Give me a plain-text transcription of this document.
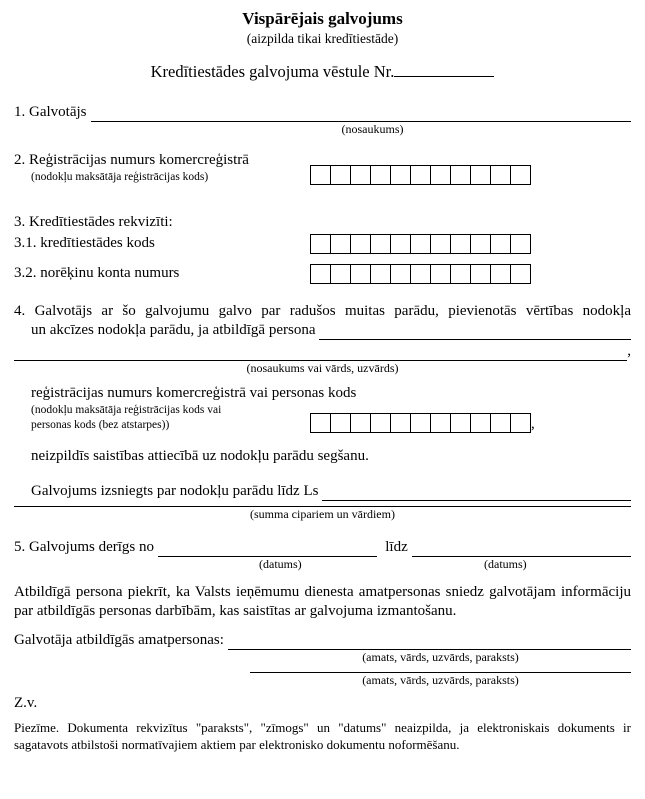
Vispārējais galvojums
(aizpilda tikai kredītiestāde)
Kredītiestādes galvojuma vēstule Nr.
1. Galvotājs
(nosaukums)
2. Reģistrācijas numurs komercreģistrā
(nodokļu maksātāja reģistrācijas kods)
3. Kredītiestādes rekvizīti:
3.1. kredītiestādes kods
3.2. norēķinu konta numurs
4. Galvotājs ar šo galvojumu galvo par radušos muitas parādu, pievienotās vērtības nodokļa
un akcīzes nodokļa parādu, ja atbildīgā persona
,
(nosaukums vai vārds, uzvārds)
reģistrācijas numurs komercreģistrā vai personas kods
(nodokļu maksātāja reģistrācijas kods vai
personas kods (bez atstarpes))	,
neizpildīs saistības attiecībā uz nodokļu parādu segšanu.
Galvojums izsniegts par nodokļu parādu līdz Ls
(summa cipariem un vārdiem)
5. Galvojums derīgs no	līdz
(datums)	(datums)
Atbildīgā persona piekrīt, ka Valsts ieņēmumu dienesta amatpersonas sniedz galvotājam informāciju par atbildīgās personas darbībām, kas saistītas ar galvojuma izmantošanu.
Galvotāja atbildīgās amatpersonas:
(amats, vārds, uzvārds, paraksts)
(amats, vārds, uzvārds, paraksts)
Z.v.
Piezīme. Dokumenta rekvizītus "paraksts", "zīmogs" un "datums" neaizpilda, ja elektroniskais dokuments ir sagatavots atbilstoši normatīvajiem aktiem par elektronisko dokumentu noformēšanu.
